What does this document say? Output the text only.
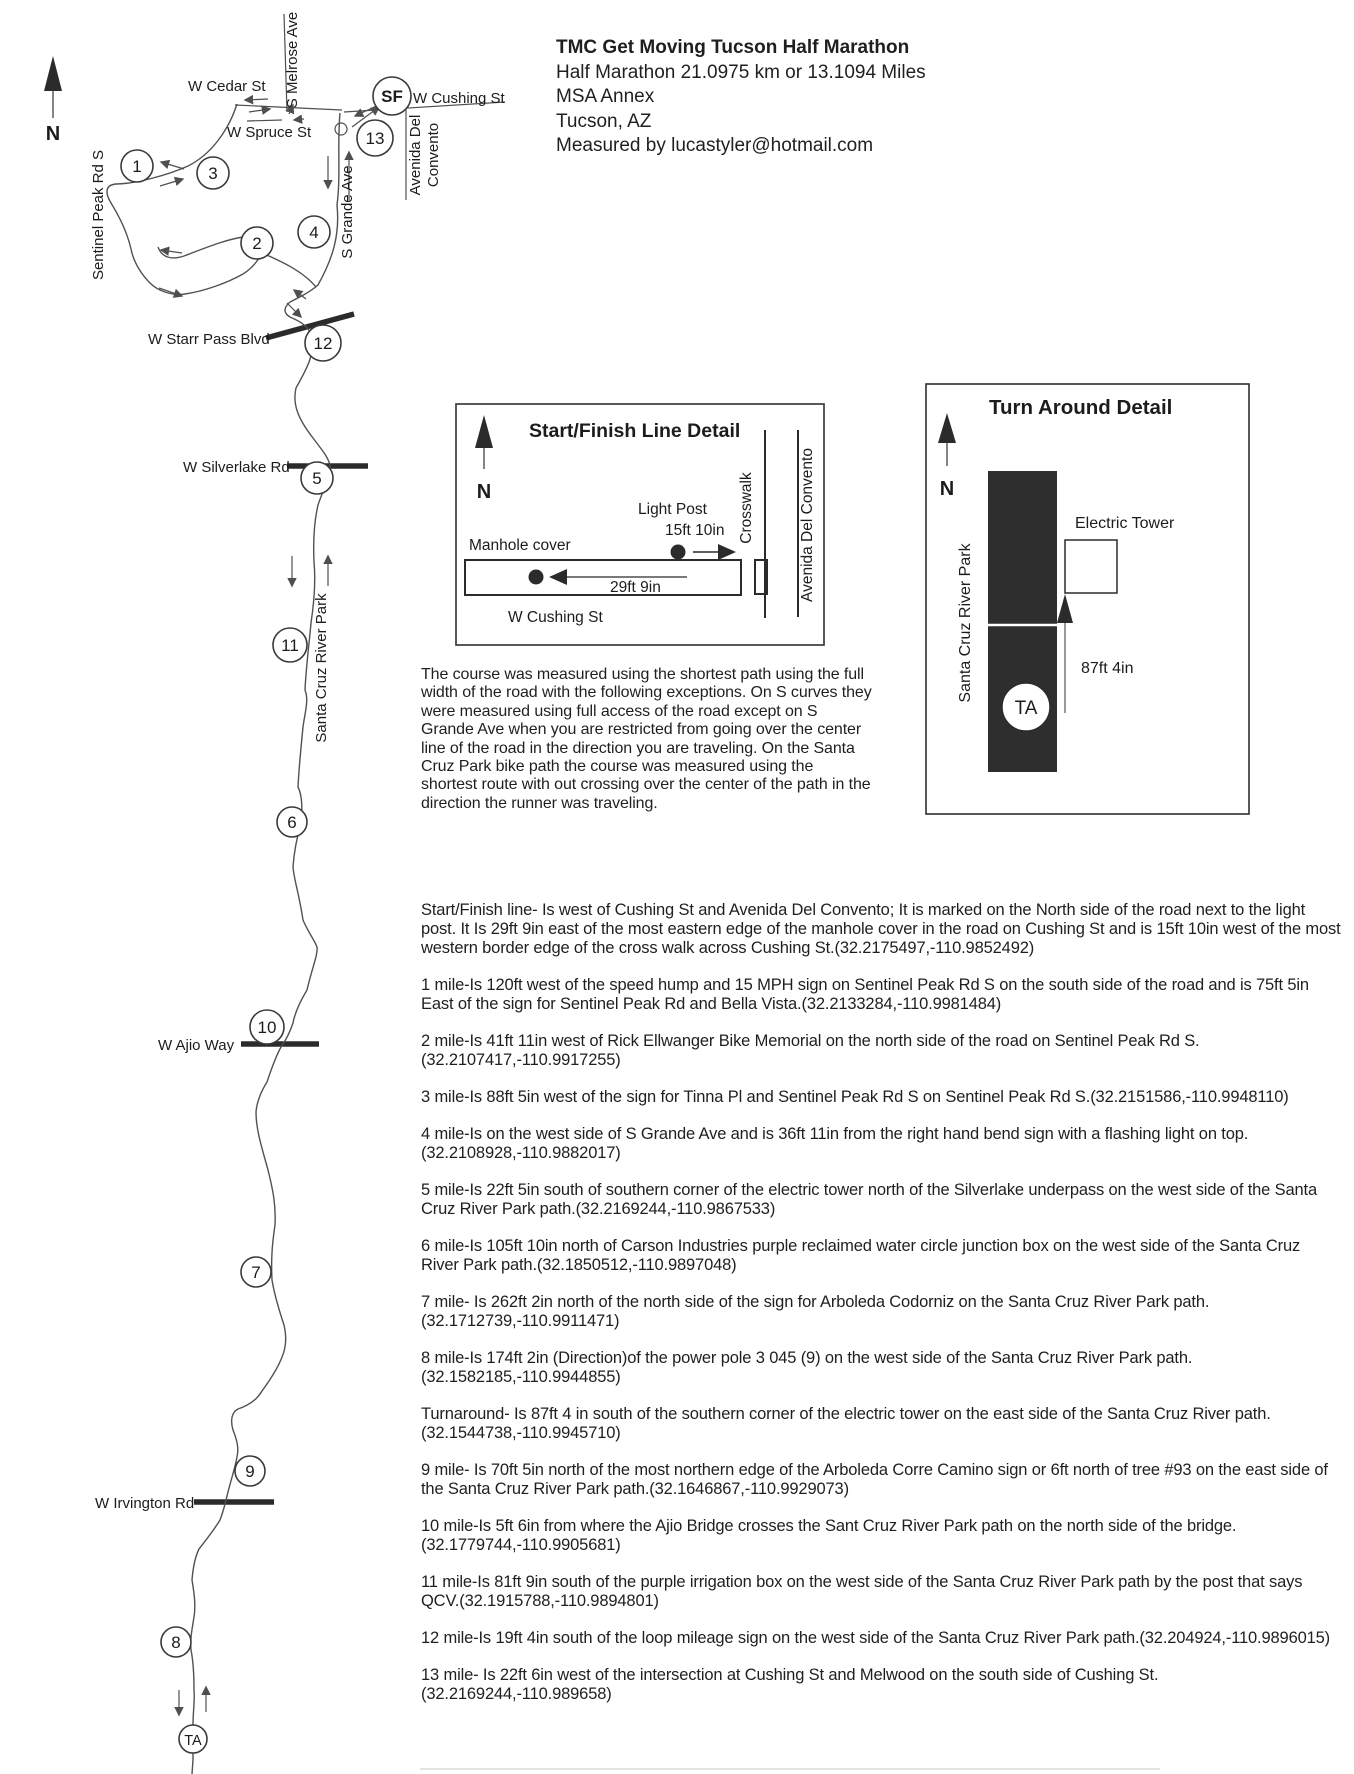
W Cedar St S Melrose Ave
W Spruce St
W Cushing St
Avenida Del Convento
S Grande Ave
Sentinel Peak Rd S
W Starr Pass Blvd
W Silverlake Rd
Santa Cruz River Park
W Ajio Way
W Irvington Rd
SF
1
2
3
4
5
6
7
8
9
10
11
12
13
TA
N
TMC Get Moving Tucson Half Marathon
Half Marathon 21.0975 km or 13.1094 Miles
MSA Annex
Tucson, AZ
Measured by lucastyler@hotmail.com
N
Start/Finish Line Detail
Light Post
15ft 10in
Manhole cover
29ft 9in
W Cushing St
Crosswalk	Avenida Del Convento
Turn Around Detail
N
Santa Cruz River Park
Electric Tower
87ft 4in
TA
The course was measured using the shortest path using the full width of the road with the following exceptions. On S curves they were measured using full access of the road except on S Grande Ave when you are restricted from going over the center line of the road in the direction you are traveling. On the Santa Cruz Park bike path the course was measured using the shortest route with out crossing over the center of the path in the direction the runner was traveling.

Start/Finish line- Is west of Cushing St and Avenida Del Convento; It is marked on the North side of the road next to the light post. It Is 29ft 9in east of the most eastern edge of the manhole cover in the road on Cushing St and is 15ft 10in west of the most western border edge of the cross walk across Cushing St.(32.2175497,-110.9852492)

1 mile-Is 120ft west of the speed hump and 15 MPH sign on Sentinel Peak Rd S on the south side of the road and is 75ft 5in East of the sign for Sentinel Peak Rd and Bella Vista.(32.2133284,-110.9981484)

2 mile-Is 41ft 11in west of Rick Ellwanger Bike Memorial on the north side of the road on Sentinel Peak Rd S. (32.2107417,-110.9917255)

3 mile-Is 88ft 5in west of the sign for Tinna Pl and Sentinel Peak Rd S on Sentinel Peak Rd S.(32.2151586,-110.9948110)

4 mile-Is on the west side of S Grande Ave and is 36ft 11in from the right hand bend sign with a flashing light on top. (32.2108928,-110.9882017)

5 mile-Is 22ft 5in south of southern corner of the electric tower north of the Silverlake underpass on the west side of the Santa Cruz River Park path.(32.2169244,-110.9867533)

6 mile-Is 105ft 10in north of Carson Industries purple reclaimed water circle junction box on the west side of the Santa Cruz River Park path.(32.1850512,-110.9897048)

7 mile- Is 262ft 2in north of the north side of the sign for Arboleda Codorniz on the Santa Cruz River Park path. (32.1712739,-110.9911471)

8 mile-Is 174ft 2in (Direction)of the power pole 3 045 (9) on the west side of the Santa Cruz River Park path.(32.1582185,-110.9944855)

Turnaround- Is 87ft 4 in south of the southern corner of the electric tower on the east side of the Santa Cruz River path. (32.1544738,-110.9945710)

9 mile- Is 70ft 5in north of the most northern edge of the Arboleda Corre Camino sign or 6ft north of tree #93 on the east side of the Santa Cruz River Park path.(32.1646867,-110.9929073)

10 mile-Is 5ft 6in from where the Ajio Bridge crosses the Sant Cruz River Park path on the north side of the bridge. (32.1779744,-110.9905681)

11 mile-Is 81ft 9in south of the purple irrigation box on the west side of the Santa Cruz River Park path by the post that says QCV.(32.1915788,-110.9894801)

12 mile-Is 19ft 4in south of the loop mileage sign on the west side of the Santa Cruz River Park path.(32.204924,-110.9896015)

13 mile- Is 22ft 6in west of the intersection at Cushing St and Melwood on the south side of Cushing St.(32.2169244,-110.989658)
